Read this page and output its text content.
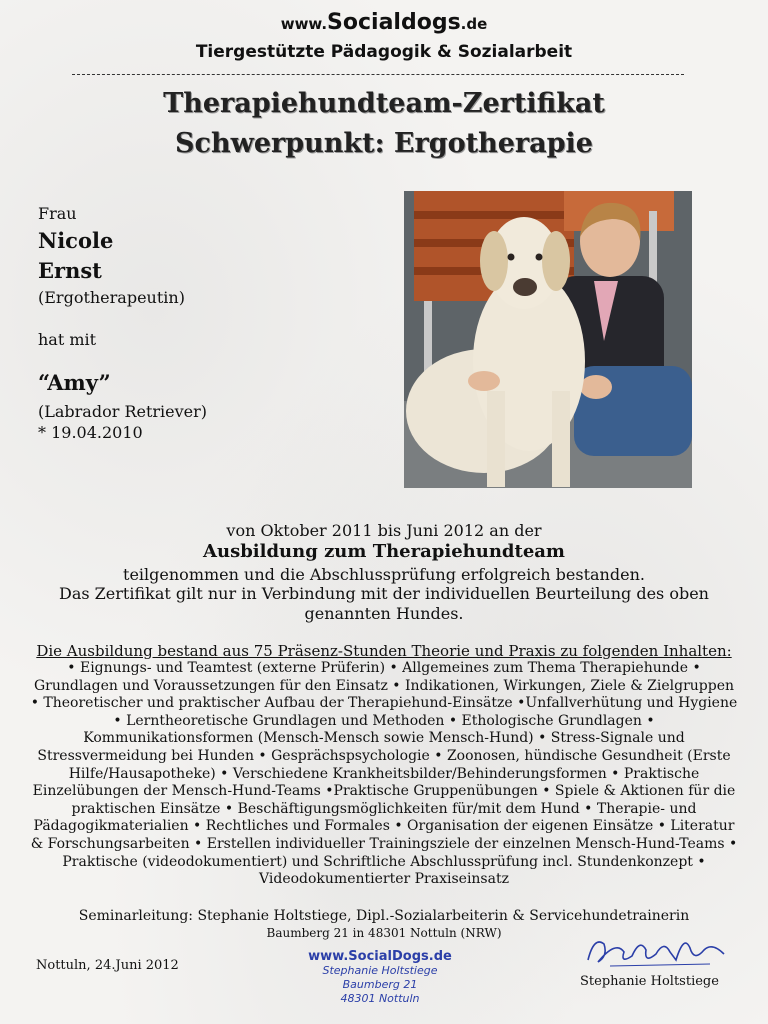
www.Socialdogs.de
Tiergestützte Pädagogik & Sozialarbeit
Therapiehundteam-Zertifikat
Schwerpunkt: Ergotherapie
Frau
Nicole
Ernst
(Ergotherapeutin)
hat mit
“Amy”
(Labrador Retriever)
* 19.04.2010
von Oktober 2011 bis Juni 2012 an der
Ausbildung zum Therapiehundteam
teilgenommen und die Abschlussprüfung erfolgreich bestanden.
Das Zertifikat gilt nur in Verbindung mit der individuellen Beurteilung des oben genannten Hundes.
Die Ausbildung bestand aus 75 Präsenz-Stunden Theorie und Praxis zu folgenden Inhalten:
• Eignungs- und Teamtest (externe Prüferin) • Allgemeines zum Thema Therapiehunde • Grundlagen und Voraussetzungen für den Einsatz • Indikationen, Wirkungen, Ziele & Zielgruppen • Theoretischer und praktischer Aufbau der Therapiehund-Einsätze •Unfallverhütung und Hygiene • Lerntheoretische Grundlagen und Methoden • Ethologische Grundlagen • Kommunikationsformen (Mensch-Mensch sowie Mensch-Hund) • Stress-Signale und Stressvermeidung bei Hunden • Gesprächspsychologie • Zoonosen, hündische Gesundheit (Erste Hilfe/Hausapotheke) • Verschiedene Krankheitsbilder/Behinderungsformen • Praktische Einzelübungen der Mensch-Hund-Teams •Praktische Gruppenübungen • Spiele & Aktionen für die praktischen Einsätze • Beschäftigungsmöglichkeiten für/mit dem Hund • Therapie- und Pädagogikmaterialien • Rechtliches und Formales • Organisation der eigenen Einsätze • Literatur & Forschungsarbeiten • Erstellen individueller Trainingsziele der einzelnen Mensch-Hund-Teams • Praktische (videodokumentiert) und Schriftliche Abschlussprüfung incl. Stundenkonzept • Videodokumentierter Praxiseinsatz
Seminarleitung: Stephanie Holtstiege, Dipl.-Sozialarbeiterin & Servicehundetrainerin
Baumberg 21 in 48301 Nottuln (NRW)
Nottuln, 24.Juni 2012
www.SocialDogs.de
Stephanie Holtstiege
Baumberg 21
48301 Nottuln
Stephanie Holtstiege
